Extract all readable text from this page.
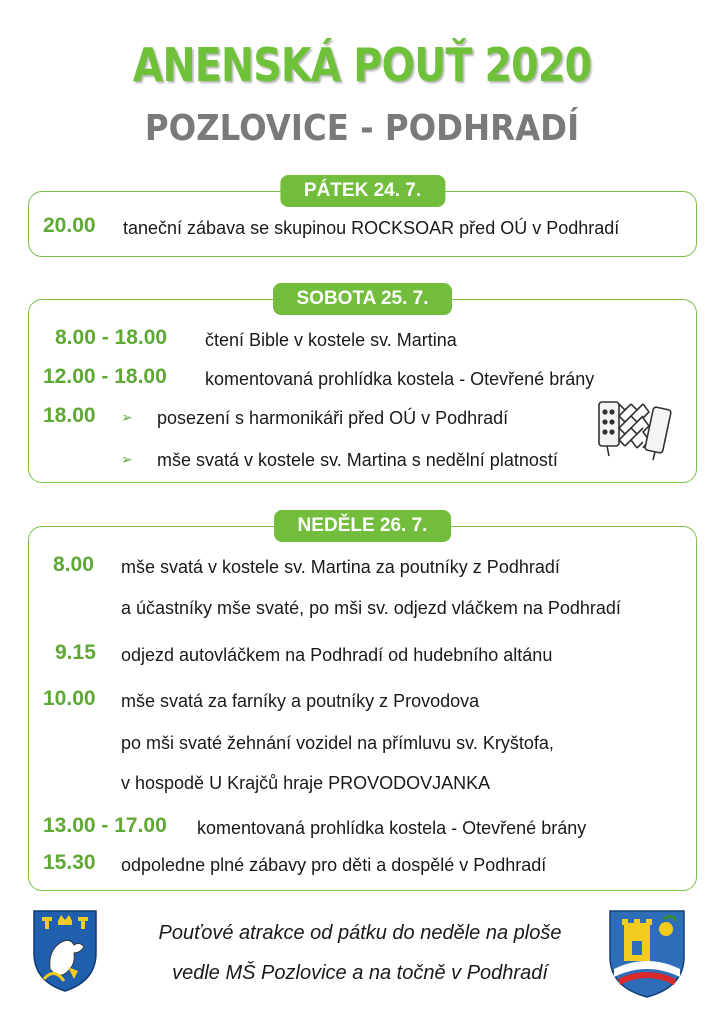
ANENSKÁ POUŤ 2020
POZLOVICE - PODHRADÍ
PÁTEK 24. 7.
20.00 taneční zábava se skupinou ROCKSOAR před OÚ v Podhradí
SOBOTA 25. 7.
8.00 - 18.00 čtení Bible v kostele sv. Martina
12.00 - 18.00 komentovaná prohlídka kostela - Otevřené brány
18.00 ➢ posezení s harmonikáři před OÚ v Podhradí
➢ mše svatá v kostele sv. Martina s nedělní platností
NEDĚLE 26. 7.
8.00 mše svatá v kostele sv. Martina za poutníky z Podhradí
a účastníky mše svaté, po mši sv. odjezd vláčkem na Podhradí
9.15 odjezd autovláčkem na Podhradí od hudebního altánu
10.00 mše svatá za farníky a poutníky z Provodova
po mši svaté žehnání vozidel na přímluvu sv. Kryštofa,
v hospodě U Krajčů hraje PROVODOVJANKA
13.00 - 17.00 komentovaná prohlídka kostela - Otevřené brány
15.30 odpoledne plné zábavy pro děti a dospělé v Podhradí
Pouťové atrakce od pátku do neděle na ploše
vedle MŠ Pozlovice a na točně v Podhradí
